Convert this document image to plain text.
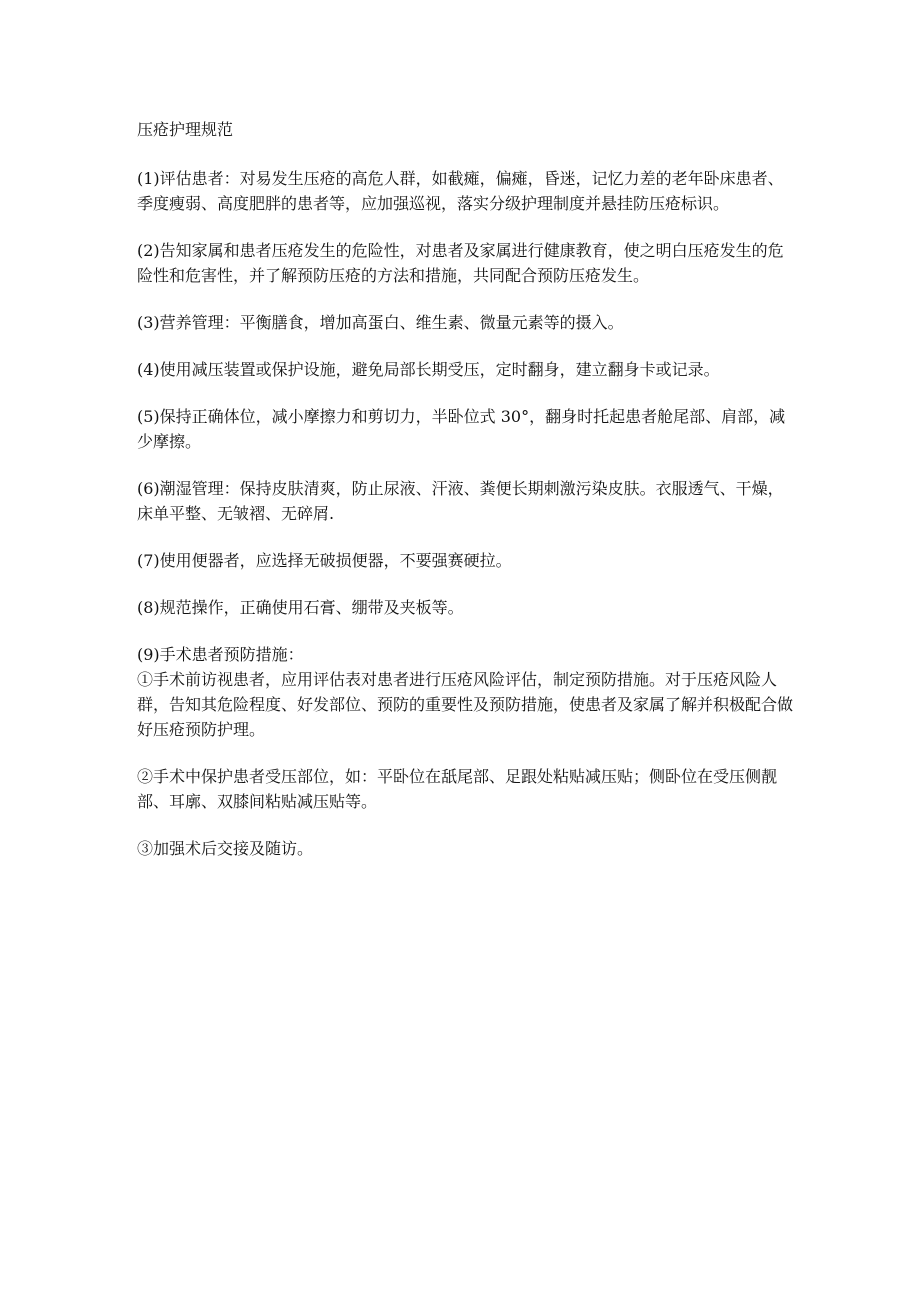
压疮护理规范

(1)评估患者：对易发生压疮的高危人群，如截瘫，偏瘫，昏迷，记忆力差的老年卧床患者、季度瘦弱、高度肥胖的患者等，应加强巡视，落实分级护理制度并悬挂防压疮标识。

(2)告知家属和患者压疮发生的危险性，对患者及家属进行健康教育，使之明白压疮发生的危险性和危害性，并了解预防压疮的方法和措施，共同配合预防压疮发生。

(3)营养管理：平衡膳食，增加高蛋白、维生素、微量元素等的摄入。

(4)使用减压装置或保护设施，避免局部长期受压，定时翻身，建立翻身卡或记录。

(5)保持正确体位，减小摩擦力和剪切力，半卧位式 30°，翻身时托起患者舱尾部、肩部，减少摩擦。

(6)潮湿管理：保持皮肤清爽，防止尿液、汗液、粪便长期刺激污染皮肤。衣服透气、干燥，床单平整、无皱褶、无碎屑.

(7)使用便器者，应选择无破损便器，不要强赛硬拉。

(8)规范操作，正确使用石膏、绷带及夹板等。

(9)手术患者预防措施：

①手术前访视患者，应用评估表对患者进行压疮风险评估，制定预防措施。对于压疮风险人群，告知其危险程度、好发部位、预防的重要性及预防措施，使患者及家属了解并积极配合做好压疮预防护理。

②手术中保护患者受压部位，如：平卧位在舐尾部、足跟处粘贴减压贴；侧卧位在受压侧靓部、耳廓、双膝间粘贴减压贴等。

③加强术后交接及随访。
